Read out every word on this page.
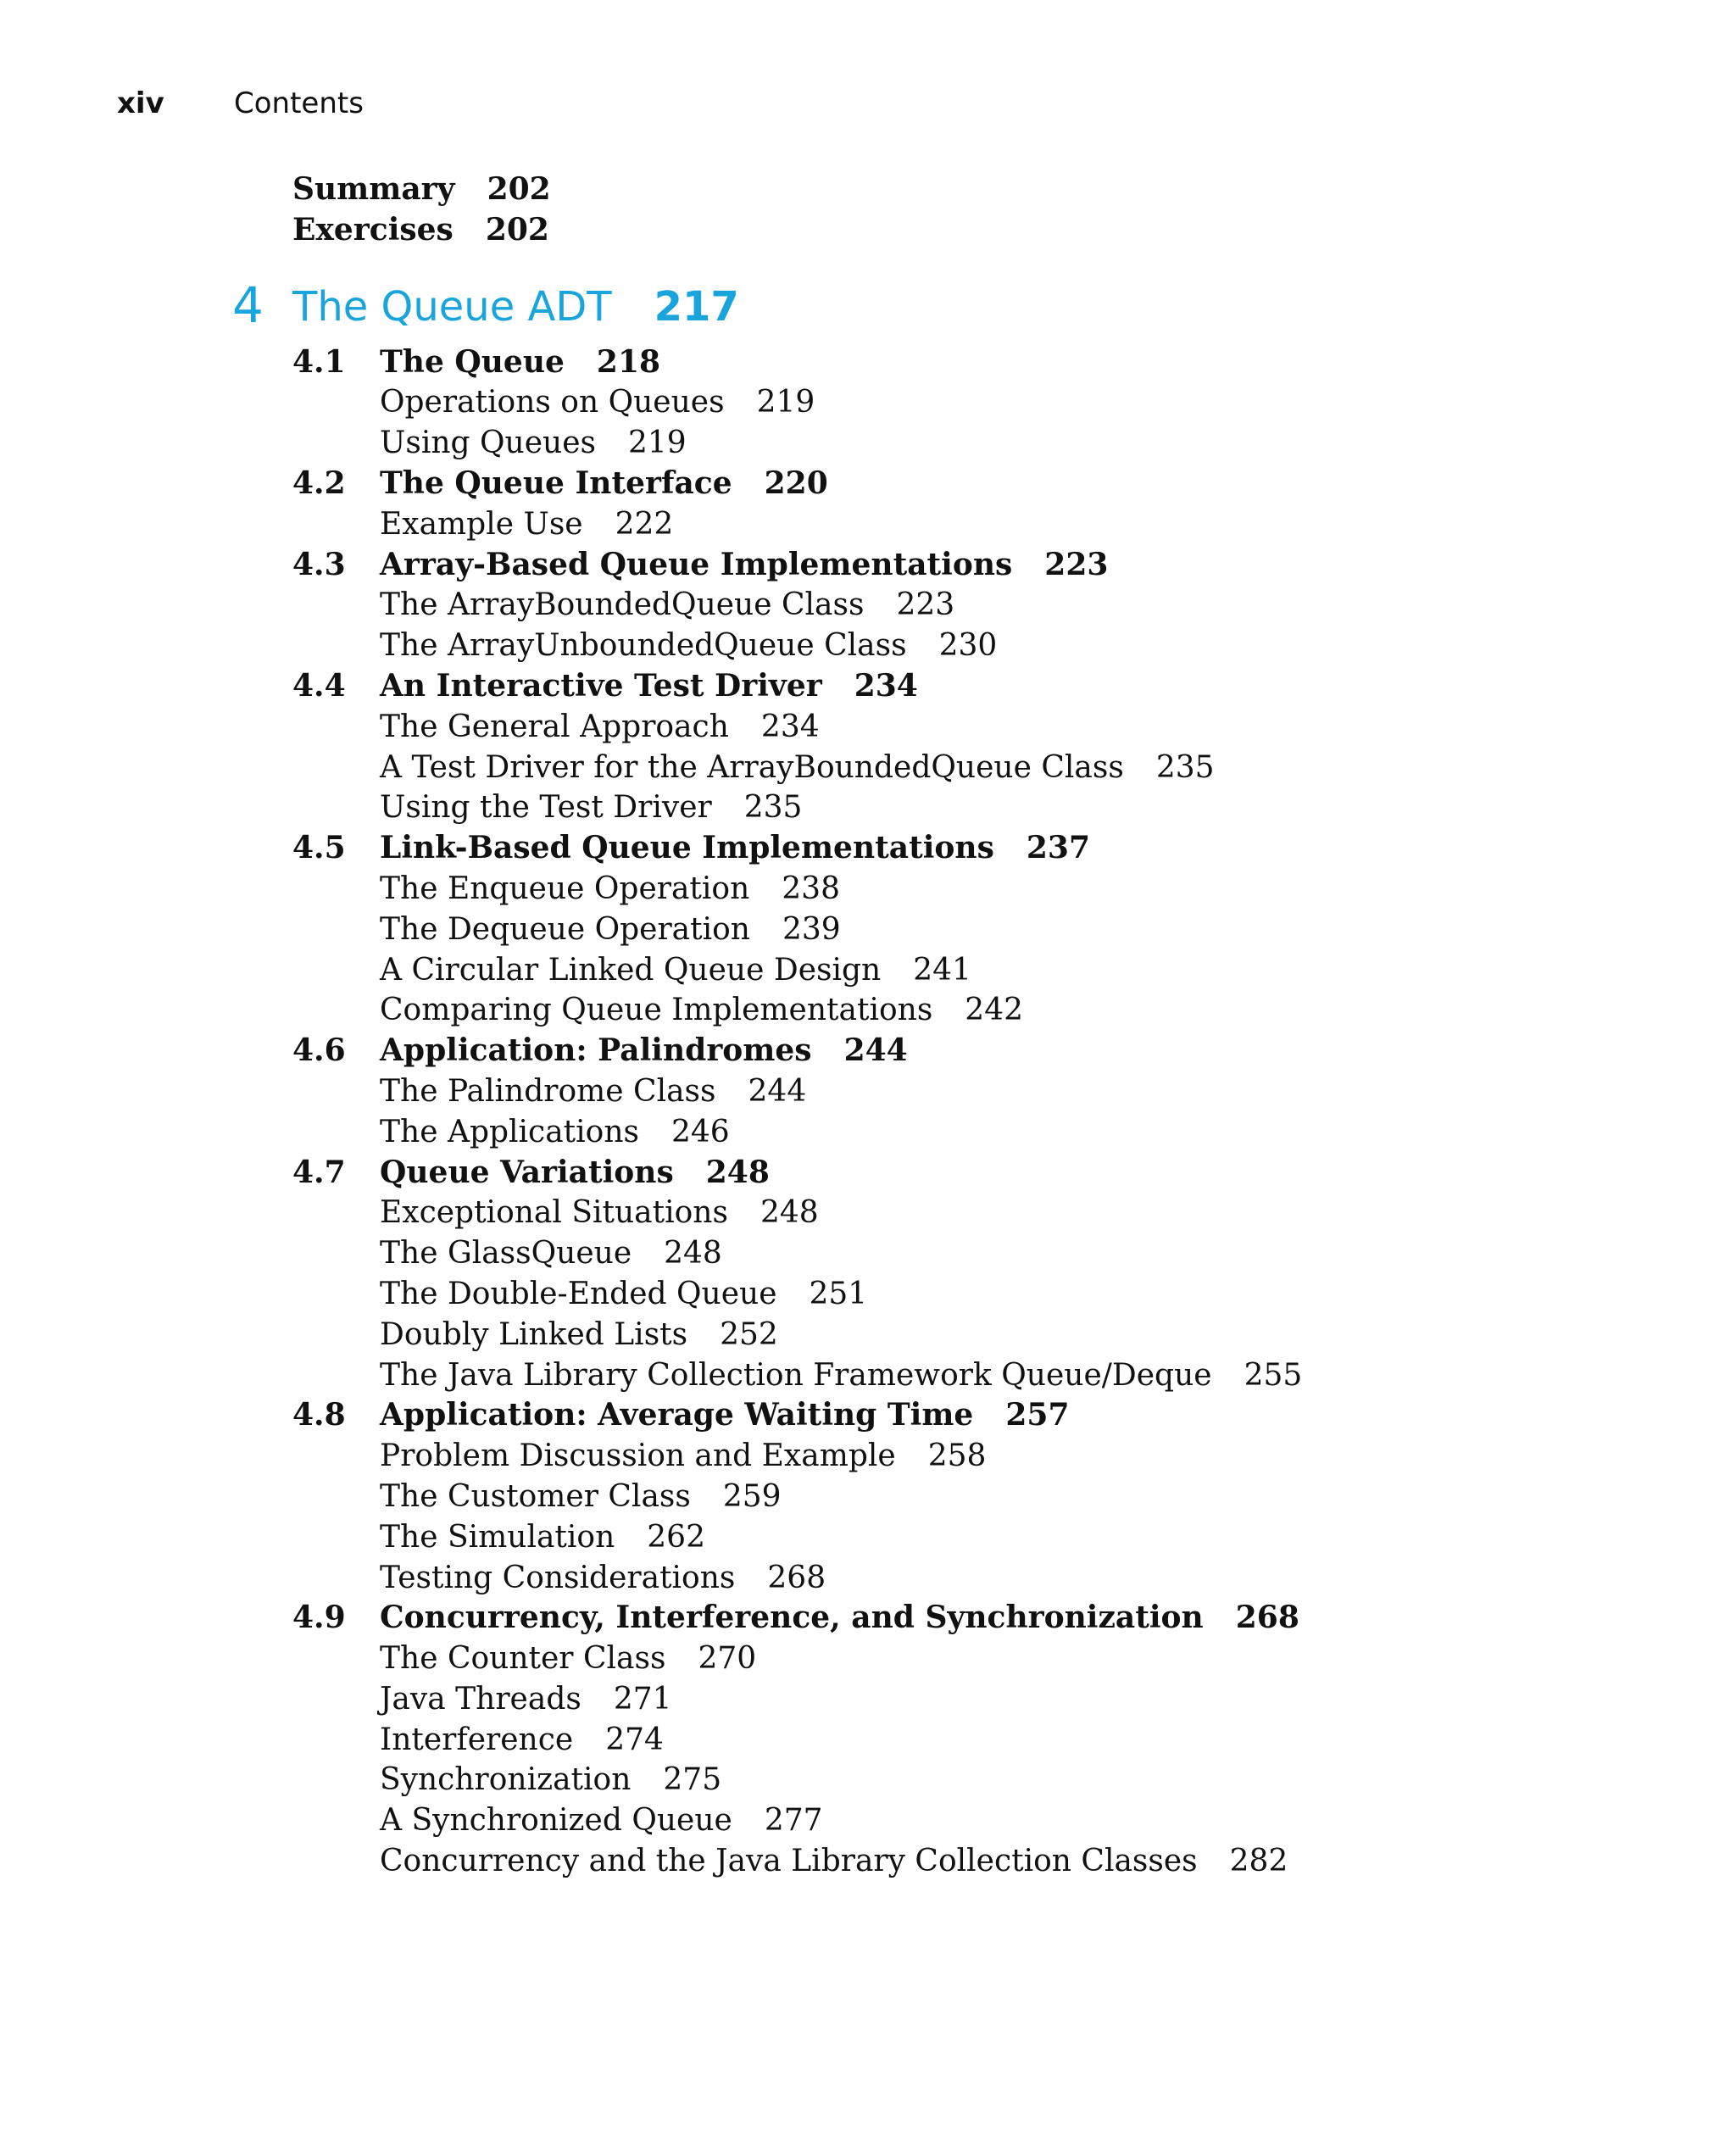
xiv Contents
Summary 202
Exercises 202
4 The Queue ADT 217
4.1 The Queue 218
Operations on Queues 219
Using Queues 219
4.2 The Queue Interface 220
Example Use 222
4.3 Array-Based Queue Implementations 223
The ArrayBoundedQueue Class 223
The ArrayUnboundedQueue Class 230
4.4 An Interactive Test Driver 234
The General Approach 234
A Test Driver for the ArrayBoundedQueue Class 235
Using the Test Driver 235
4.5 Link-Based Queue Implementations 237
The Enqueue Operation 238
The Dequeue Operation 239
A Circular Linked Queue Design 241
Comparing Queue Implementations 242
4.6 Application: Palindromes 244
The Palindrome Class 244
The Applications 246
4.7 Queue Variations 248
Exceptional Situations 248
The GlassQueue 248
The Double-Ended Queue 251
Doubly Linked Lists 252
The Java Library Collection Framework Queue/Deque 255
4.8 Application: Average Waiting Time 257
Problem Discussion and Example 258
The Customer Class 259
The Simulation 262
Testing Considerations 268
4.9 Concurrency, Interference, and Synchronization 268
The Counter Class 270
Java Threads 271
Interference 274
Synchronization 275
A Synchronized Queue 277
Concurrency and the Java Library Collection Classes 282
